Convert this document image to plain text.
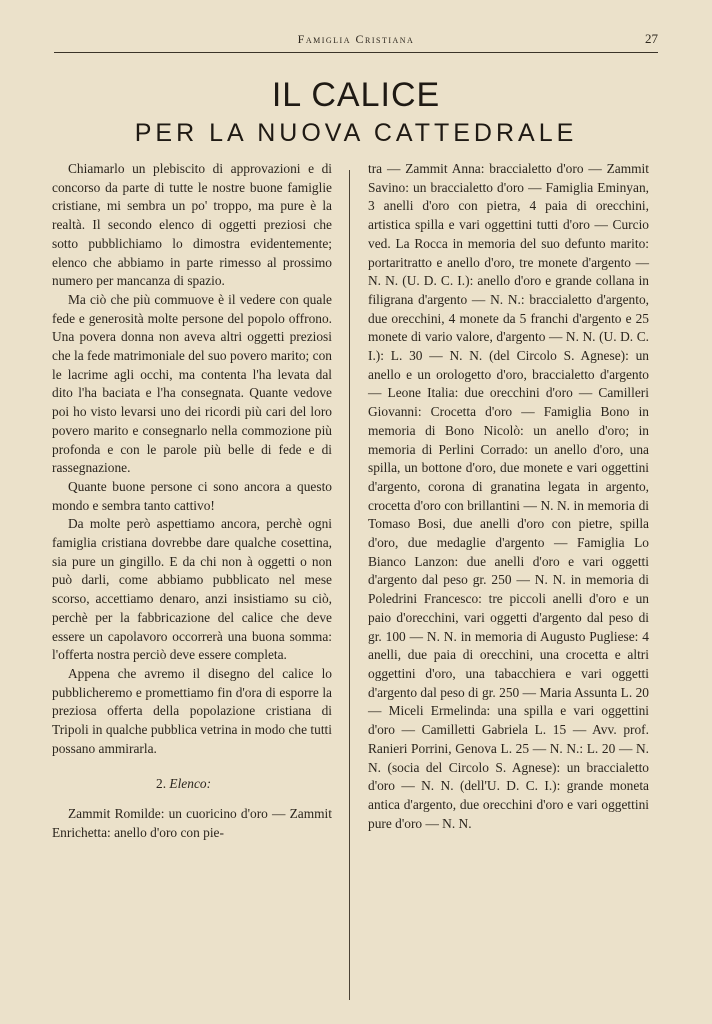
Famiglia Cristiana	27
IL CALICE
PER LA NUOVA CATTEDRALE

Chiamarlo un plebiscito di approvazioni e di concorso da parte di tutte le nostre buone famiglie cristiane, mi sembra un po' troppo, ma pure è la realtà. Il secondo elenco di oggetti preziosi che sotto pubblichiamo lo dimostra evidentemente; elenco che abbiamo in parte rimesso al prossimo numero per mancanza di spazio.

Ma ciò che più commuove è il vedere con quale fede e generosità molte persone del popolo offrono. Una povera donna non aveva altri oggetti preziosi che la fede matrimoniale del suo povero marito; con le lacrime agli occhi, ma contenta l'ha levata dal dito l'ha baciata e l'ha consegnata. Quante vedove poi ho visto levarsi uno dei ricordi più cari del loro povero marito e consegnarlo nella commozione più profonda e con le parole più belle di fede e di rassegnazione.

Quante buone persone ci sono ancora a questo mondo e sembra tanto cattivo!

Da molte però aspettiamo ancora, perchè ogni famiglia cristiana dovrebbe dare qualche cosettina, sia pure un gingillo. E da chi non à oggetti o non può darli, come abbiamo pubblicato nel mese scorso, accettiamo denaro, anzi insistiamo su ciò, perchè per la fabbricazione del calice che deve essere un capolavoro occorrerà una buona somma: l'offerta nostra perciò deve essere completa.

Appena che avremo il disegno del calice lo pubblicheremo e promettiamo fin d'ora di esporre la preziosa offerta della popolazione cristiana di Tripoli in qualche pubblica vetrina in modo che tutti possano ammirarla.

2. Elenco:

Zammit Romilde: un cuoricino d'oro — Zammit Enrichetta: anello d'oro con pie-

tra — Zammit Anna: braccialetto d'oro — Zammit Savino: un braccialetto d'oro — Famiglia Eminyan, 3 anelli d'oro con pietra, 4 paia di orecchini, artistica spilla e vari oggettini tutti d'oro — Curcio ved. La Rocca in memoria del suo defunto marito: portaritratto e anello d'oro, tre monete d'argento — N. N. (U. D. C. I.): anello d'oro e grande collana in filigrana d'argento — N. N.: braccialetto d'argento, due orecchini, 4 monete da 5 franchi d'argento e 25 monete di vario valore, d'argento — N. N. (U. D. C. I.): L. 30 — N. N. (del Circolo S. Agnese): un anello e un orologetto d'oro, braccialetto d'argento — Leone Italia: due orecchini d'oro — Camilleri Giovanni: Crocetta d'oro — Famiglia Bono in memoria di Bono Nicolò: un anello d'oro; in memoria di Perlini Corrado: un anello d'oro, una spilla, un bottone d'oro, due monete e vari oggettini d'argento, corona di granatina legata in argento, crocetta d'oro con brillantini — N. N. in memoria di Tomaso Bosi, due anelli d'oro con pietre, spilla d'oro, due medaglie d'argento — Famiglia Lo Bianco Lanzon: due anelli d'oro e vari oggetti d'argento dal peso gr. 250 — N. N. in memoria di Poledrini Francesco: tre piccoli anelli d'oro e un paio d'orecchini, vari oggetti d'argento dal peso di gr. 100 — N. N. in memoria di Augusto Pugliese: 4 anelli, due paia di orecchini, una crocetta e altri oggettini d'oro, una tabacchiera e vari oggetti d'argento dal peso di gr. 250 — Maria Assunta L. 20 — Miceli Ermelinda: una spilla e vari oggettini d'oro — Camilletti Gabriela L. 15 — Avv. prof. Ranieri Porrini, Genova L. 25 — N. N.: L. 20 — N. N. (socia del Circolo S. Agnese): un braccialetto d'oro — N. N. (dell'U. D. C. I.): grande moneta antica d'argento, due orecchini d'oro e vari oggettini pure d'oro — N. N.
